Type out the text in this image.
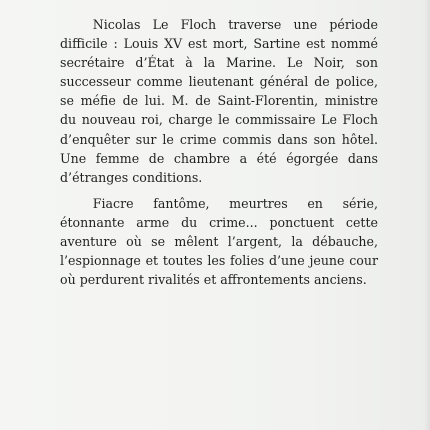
Nicolas Le Floch traverse une période difficile : Louis XV est mort, Sartine est nommé secrétaire d’État à la Marine. Le Noir, son successeur comme lieutenant général de police, se méfie de lui. M. de Saint-Florentin, ministre du nouveau roi, charge le commissaire Le Floch d’enquêter sur le crime commis dans son hôtel. Une femme de chambre a été égorgée dans d’étranges conditions.

Fiacre fantôme, meurtres en série, étonnante arme du crime... ponctuent cette aventure où se mêlent l’argent, la débauche, l’espionnage et toutes les folies d’une jeune cour où perdurent rivalités et affrontements anciens.
